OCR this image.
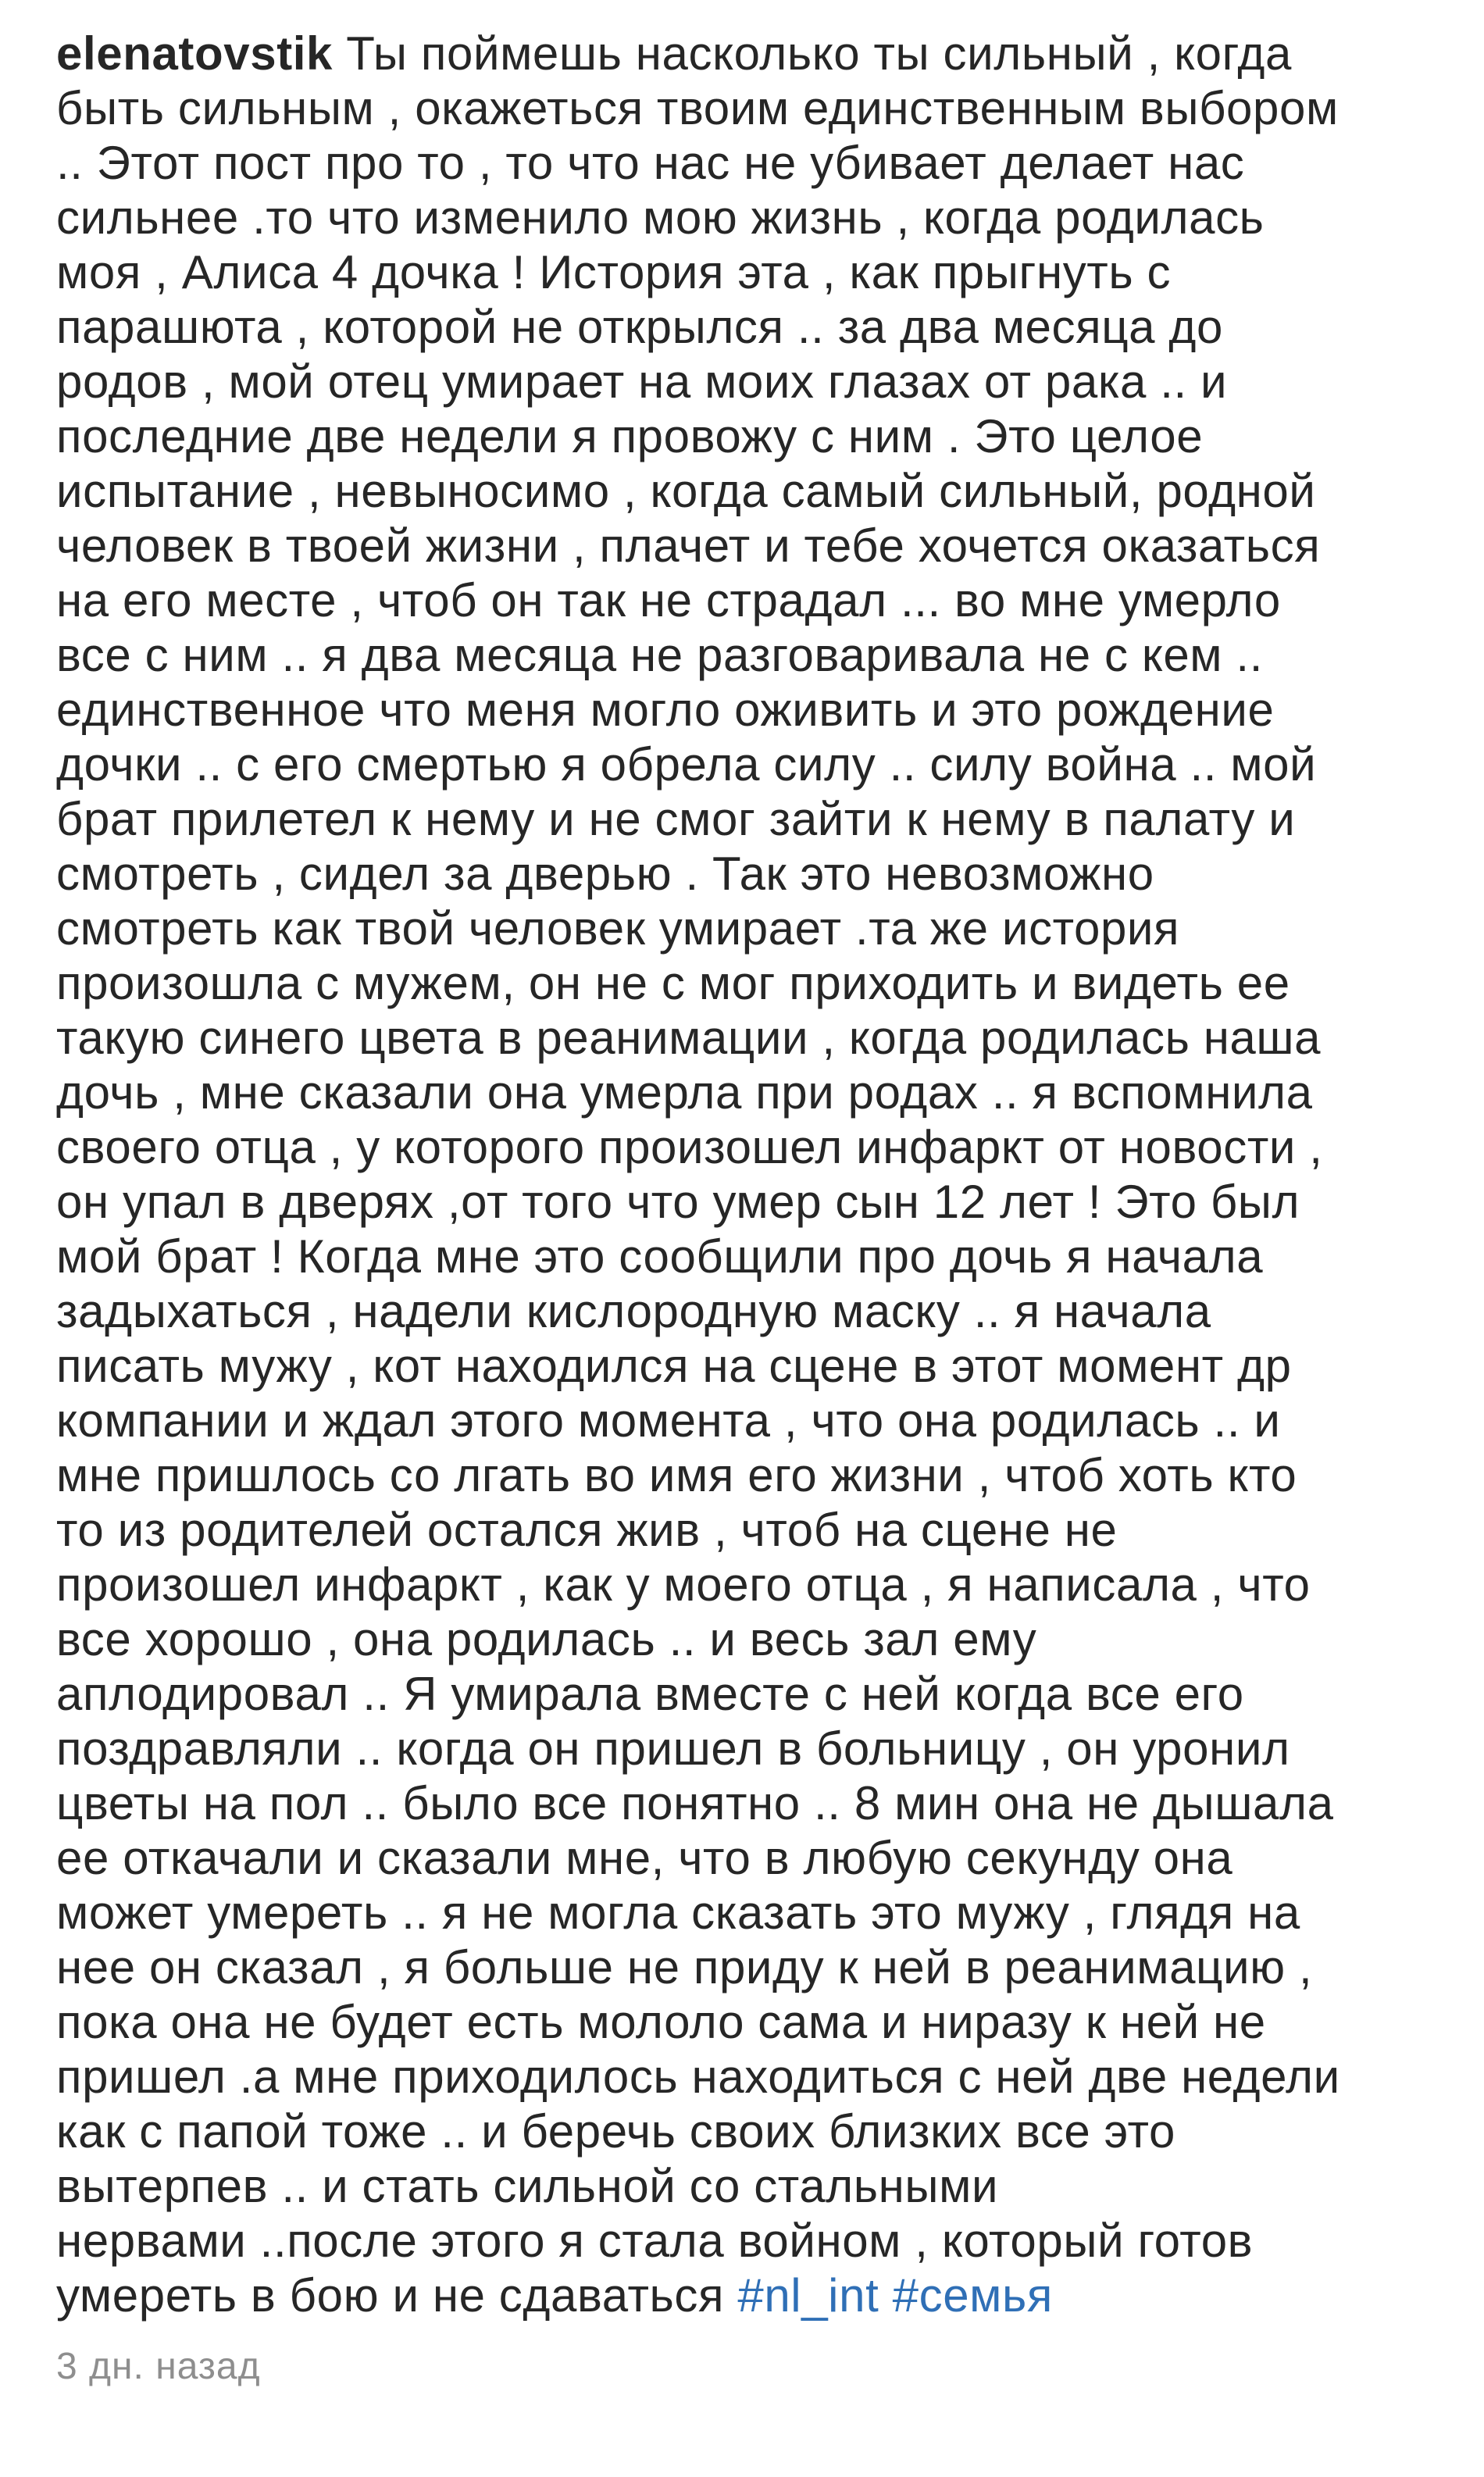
elenatovstik Ты поймешь насколько ты сильный , когда
быть сильным , окажеться твоим единственным выбором
.. Этот пост про то , то что нас не убивает делает нас
сильнее .то что изменило мою жизнь , когда родилась
моя , Алиса 4 дочка ! История эта , как прыгнуть с
парашюта , которой не открылся .. за два месяца до
родов , мой отец умирает на моих глазах от рака .. и
последние две недели я провожу с ним . Это целое
испытание , невыносимо , когда самый сильный, родной
человек в твоей жизни , плачет и тебе хочется оказаться
на его месте , чтоб он так не страдал ... во мне умерло
все с ним .. я два месяца не разговаривала не с кем ..
единственное что меня могло оживить и это рождение
дочки .. с его смертью я обрела силу .. силу война .. мой
брат прилетел к нему и не смог зайти к нему в палату и
смотреть , сидел за дверью . Так это невозможно
смотреть как твой человек умирает .та же история
произошла с мужем, он не с мог приходить и видеть ее
такую синего цвета в реанимации , когда родилась наша
дочь , мне сказали она умерла при родах .. я вспомнила
своего отца , у которого произошел инфаркт от новости ,
он упал в дверях ,от того что умер сын 12 лет ! Это был
мой брат ! Когда мне это сообщили про дочь я начала
задыхаться , надели кислородную маску .. я начала
писать мужу , кот находился на сцене в этот момент др
компании и ждал этого момента , что она родилась .. и
мне пришлось со лгать во имя его жизни , чтоб хоть кто
то из родителей остался жив , чтоб на сцене не
произошел инфаркт , как у моего отца , я написала , что
все хорошо , она родилась .. и весь зал ему
аплодировал .. Я умирала вместе с ней когда все его
поздравляли .. когда он пришел в больницу , он уронил
цветы на пол .. было все понятно .. 8 мин она не дышала
ее откачали и сказали мне, что в любую секунду она
может умереть .. я не могла сказать это мужу , глядя на
нее он сказал , я больше не приду к ней в реанимацию ,
пока она не будет есть мололо сама и ниразу к ней не
пришел .а мне приходилось находиться с ней две недели
как с папой тоже .. и беречь своих близких все это
вытерпев .. и стать сильной со стальными
нервами ..после этого я стала войном , который готов
умереть в бою и не сдаваться #nl_int #семья
3 дн. назад
